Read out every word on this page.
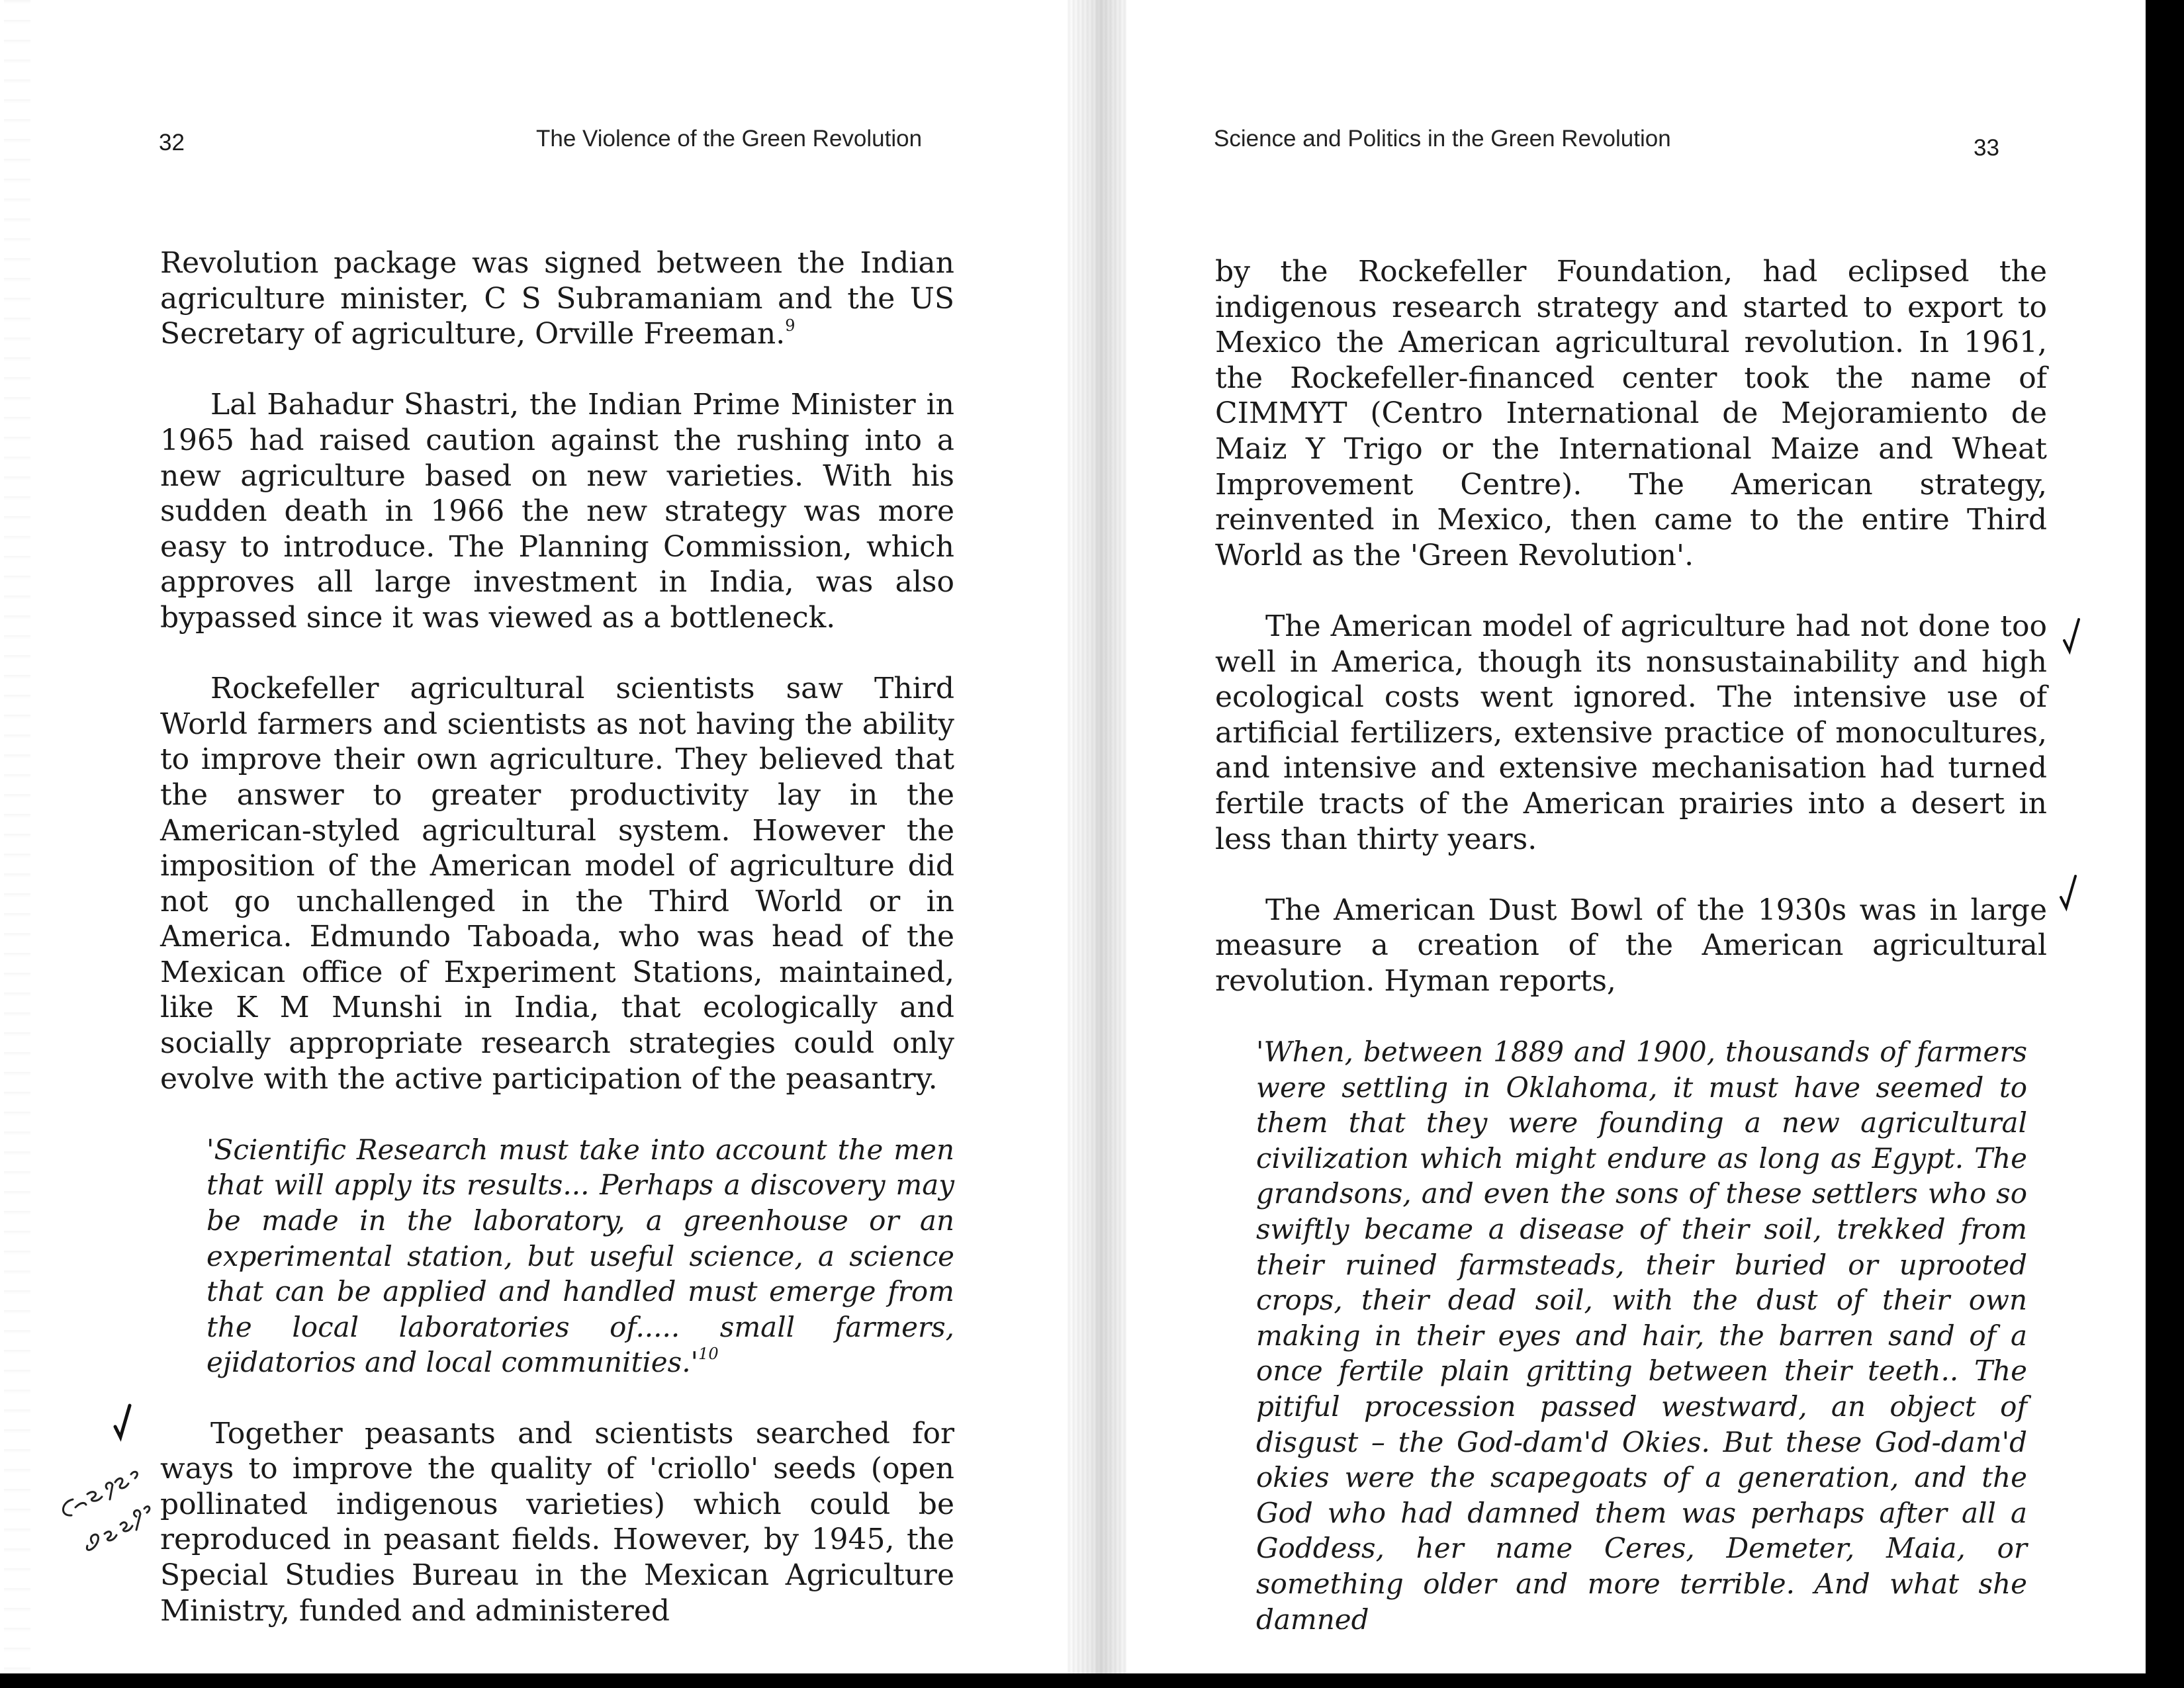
32	The Violence of the Green Revolution

Revolution package was signed between the Indian agriculture minister, C S Subramaniam and the US Secretary of agriculture, Orville Freeman.$^9$

Lal Bahadur Shastri, the Indian Prime Minister in 1965 had raised caution against the rushing into a new agriculture based on new varieties. With his sudden death in 1966 the new strategy was more easy to introduce. The Planning Commission, which approves all large investment in India, was also bypassed since it was viewed as a bottleneck.

Rockefeller agricultural scientists saw Third World farmers and scientists as not having the ability to improve their own agriculture. They believed that the answer to greater productivity lay in the American-styled agricultural system. However the imposition of the American model of agriculture did not go unchallenged in the Third World or in America. Edmundo Taboada, who was head of the Mexican office of Experiment Stations, maintained, like K M Munshi in India, that ecologically and socially appropriate research strategies could only evolve with the active participation of the peasantry.

'Scientific Research must take into account the men that will apply its results... Perhaps a discovery may be made in the laboratory, a greenhouse or an experimental station, but useful science, a science that can be applied and handled must emerge from the local laboratories of..... small farmers, ejidatorios and local $communities.'^{10}$

Together peasants and scientists searched for ways to improve the quality of 'criollo' seeds (open pollinated indigenous varieties) which could be reproduced in peasant fields. However, by 1945, the Special Studies Bureau in the Mexican Agriculture Ministry, funded and administered

Science and Politics in the Green Revolution	33

by the Rockefeller Foundation, had eclipsed the indigenous research strategy and started to export to Mexico the American agricultural revolution. In 1961, the Rockefeller-financed center took the name of CIMMYT (Centro International de Mejoramiento de Maiz Y Trigo or the International Maize and Wheat Improvement Centre). The American strategy, reinvented in Mexico, then came to the entire Third World as the 'Green Revolution'.

The American model of agriculture had not done too well in America, though its nonsustainability and high ecological costs went ignored. The intensive use of artificial fertilizers, extensive practice of monocultures, and intensive and extensive mechanisation had turned fertile tracts of the American prairies into a desert in less than thirty years.

The American Dust Bowl of the 1930s was in large measure a creation of the American agricultural revolution. Hyman reports,

'When, between 1889 and 1900, thousands of farmers were settling in Oklahoma, it must have seemed to them that they were founding a new agricultural civilization which might endure as long as Egypt. The grandsons, and even the sons of these settlers who so swiftly became a disease of their soil, trekked from their ruined farmsteads, their buried or uprooted crops, their dead soil, with the dust of their own making in their eyes and hair, the barren sand of a once fertile plain gritting between their teeth.. The pitiful procession passed westward, an object of disgust – the God-dam'd Okies. But these God-dam'd okies were the scapegoats of a generation, and the God who had damned them was perhaps after all a Goddess, her name Ceres, Demeter, Maia, or something older and more terrible. And what she damned
